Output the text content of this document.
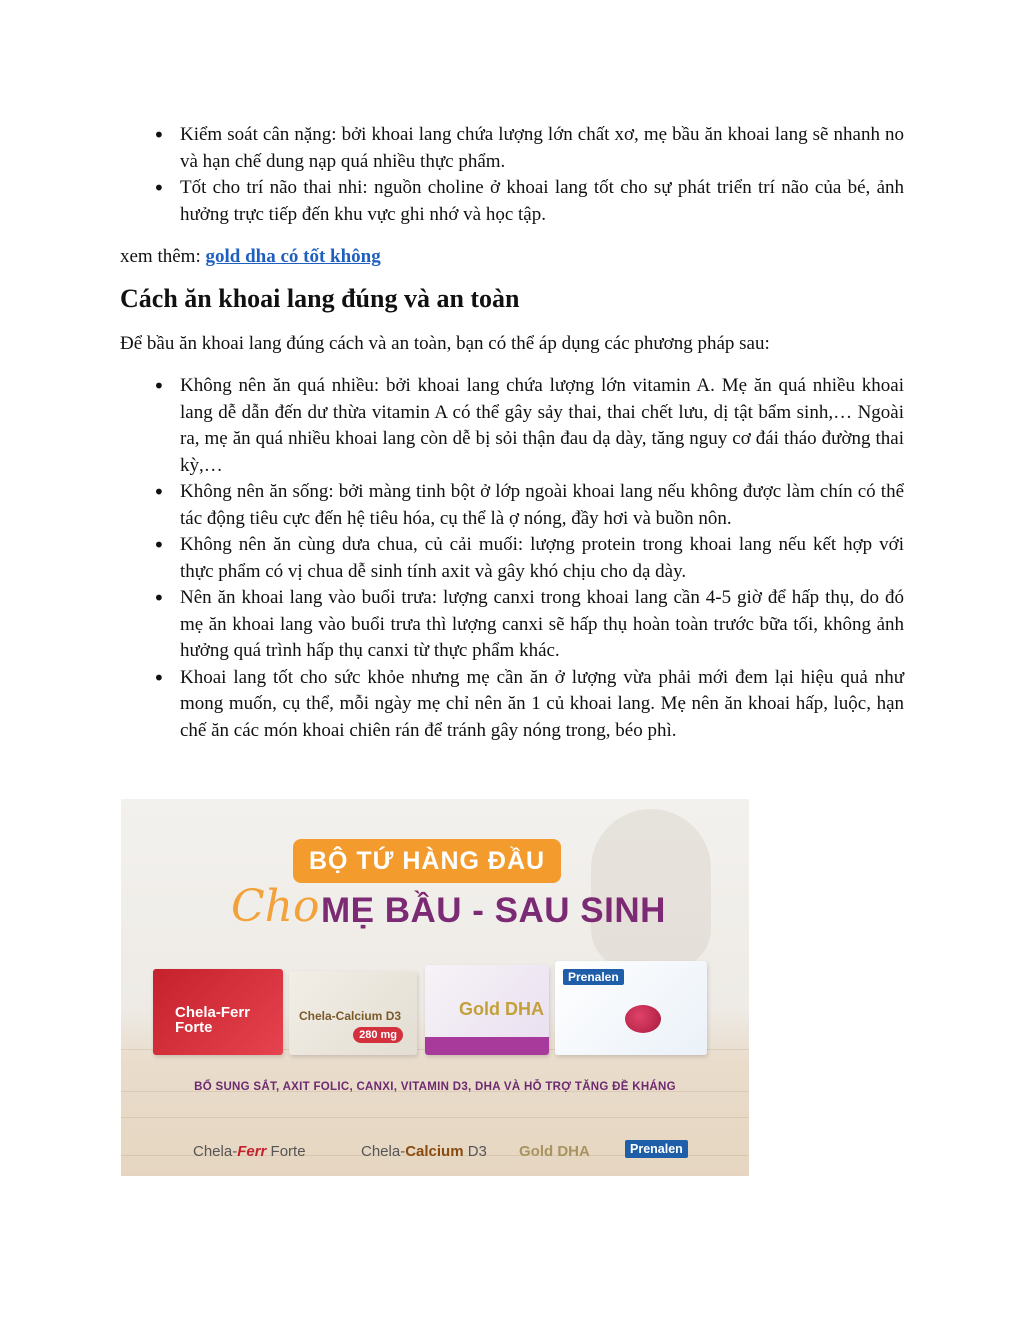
• Kiểm soát cân nặng: bởi khoai lang chứa lượng lớn chất xơ, mẹ bầu ăn khoai lang sẽ nhanh no và hạn chế dung nạp quá nhiều thực phẩm.
• Tốt cho trí não thai nhi: nguồn choline ở khoai lang tốt cho sự phát triển trí não của bé, ảnh hưởng trực tiếp đến khu vực ghi nhớ và học tập.
xem thêm: gold dha có tốt không
Cách ăn khoai lang đúng và an toàn

Để bầu ăn khoai lang đúng cách và an toàn, bạn có thể áp dụng các phương pháp sau:

• Không nên ăn quá nhiều: bởi khoai lang chứa lượng lớn vitamin A. Mẹ ăn quá nhiều khoai lang dễ dẫn đến dư thừa vitamin A có thể gây sảy thai, thai chết lưu, dị tật bẩm sinh,… Ngoài ra, mẹ ăn quá nhiều khoai lang còn dễ bị sỏi thận đau dạ dày, tăng nguy cơ đái tháo đường thai kỳ,…
• Không nên ăn sống: bởi màng tinh bột ở lớp ngoài khoai lang nếu không được làm chín có thể tác động tiêu cực đến hệ tiêu hóa, cụ thể là ợ nóng, đầy hơi và buồn nôn.
• Không nên ăn cùng dưa chua, củ cải muối: lượng protein trong khoai lang nếu kết hợp với thực phẩm có vị chua dễ sinh tính axit và gây khó chịu cho dạ dày.
• Nên ăn khoai lang vào buổi trưa: lượng canxi trong khoai lang cần 4-5 giờ để hấp thụ, do đó mẹ ăn khoai lang vào buổi trưa thì lượng canxi sẽ hấp thụ hoàn toàn trước bữa tối, không ảnh hưởng quá trình hấp thụ canxi từ thực phẩm khác.
• Khoai lang tốt cho sức khỏe nhưng mẹ cần ăn ở lượng vừa phải mới đem lại hiệu quả như mong muốn, cụ thể, mỗi ngày mẹ chỉ nên ăn 1 củ khoai lang. Mẹ nên ăn khoai hấp, luộc, hạn chế ăn các món khoai chiên rán để tránh gây nóng trong, béo phì.
BỘ TỨ HÀNG ĐẦU
Cho MẸ BẦU - SAU SINH
Chela-Ferr Forte
Chela-Calcium D3
280 mg
Gold DHA
Prenalen
BỔ SUNG SẮT, AXIT FOLIC, CANXI, VITAMIN D3, DHA VÀ HỖ TRỢ TĂNG ĐỀ KHÁNG
Chela-Ferr Forte	Chela-Calcium D3 Gold DHA	Prenalen
